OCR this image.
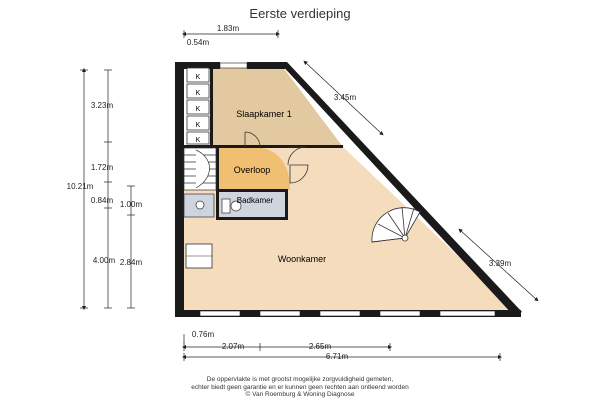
Eerste verdieping
K
K
K
K
K
Slaapkamer 1
Overloop
Badkamer
Woonkamer
1.83m
0.54m
3.45m
3.39m
10.21m
3.23m
1.72m
0.84m
4.00m
1.00m
2.84m
0.76m
2.07m	2.65m
6.71m
De oppervlakte is met grootst mogelijke zorgvuldigheid gemeten,
echter biedt geen garantie en er kunnen geen rechten aan ontleend worden
© Van Roemburg & Woning Diagnose
